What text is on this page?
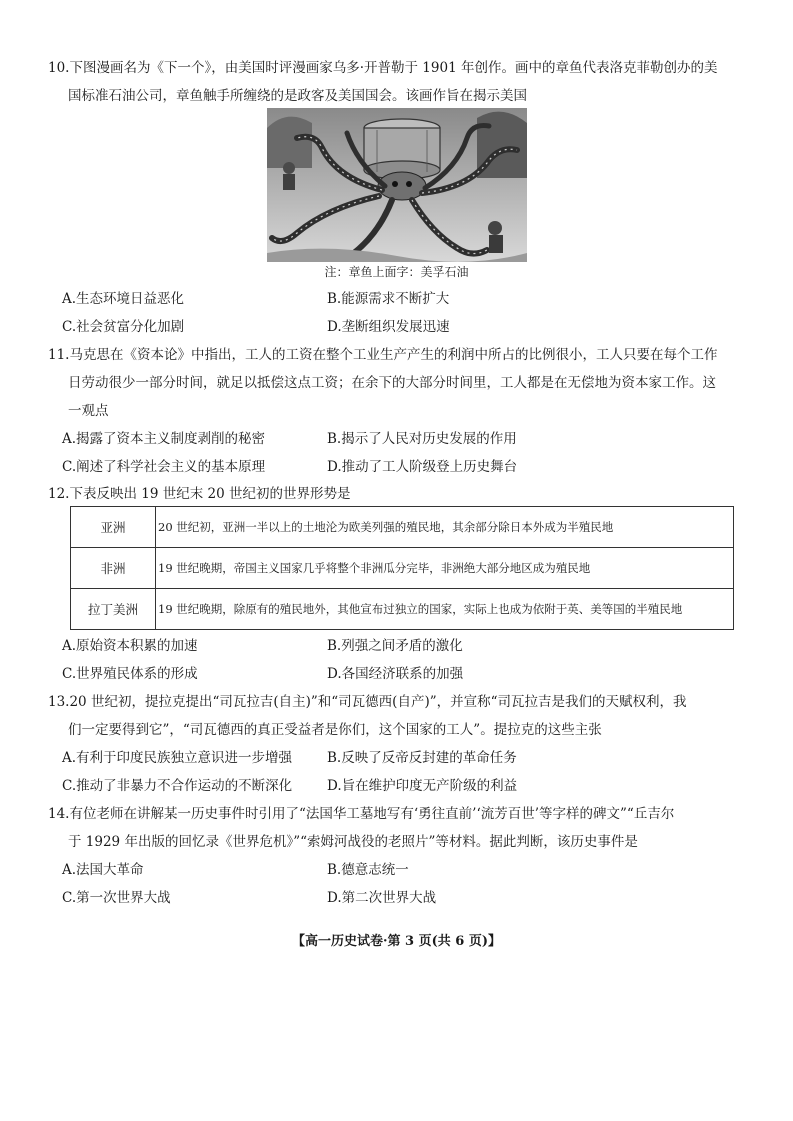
10.下图漫画名为《下一个》，由美国时评漫画家乌多·开普勒于 1901 年创作。画中的章鱼代表洛克菲勒创办的美
国标准石油公司，章鱼触手所缠绕的是政客及美国国会。该画作旨在揭示美国
注：章鱼上面字：美孚石油
A.生态环境日益恶化	B.能源需求不断扩大
C.社会贫富分化加剧	D.垄断组织发展迅速
11.马克思在《资本论》中指出，工人的工资在整个工业生产产生的利润中所占的比例很小，工人只要在每个工作
日劳动很少一部分时间，就足以抵偿这点工资；在余下的大部分时间里，工人都是在无偿地为资本家工作。这
一观点
A.揭露了资本主义制度剥削的秘密	B.揭示了人民对历史发展的作用
C.阐述了科学社会主义的基本原理	D.推动了工人阶级登上历史舞台
12.下表反映出 19 世纪末 20 世纪初的世界形势是
亚洲	20 世纪初，亚洲一半以上的土地沦为欧美列强的殖民地，其余部分除日本外成为半殖民地
非洲	19 世纪晚期，帝国主义国家几乎将整个非洲瓜分完毕，非洲绝大部分地区成为殖民地
拉丁美洲	19 世纪晚期，除原有的殖民地外，其他宣布过独立的国家，实际上也成为依附于英、美等国的半殖民地
A.原始资本积累的加速	B.列强之间矛盾的激化
C.世界殖民体系的形成	D.各国经济联系的加强
13.20 世纪初，提拉克提出“司瓦拉吉(自主)”和“司瓦德西(自产)”，并宣称“司瓦拉吉是我们的天赋权利，我
们一定要得到它”，“司瓦德西的真正受益者是你们，这个国家的工人”。提拉克的这些主张
A.有利于印度民族独立意识进一步增强	B.反映了反帝反封建的革命任务
C.推动了非暴力不合作运动的不断深化	D.旨在维护印度无产阶级的利益
14.有位老师在讲解某一历史事件时引用了“法国华工墓地写有‘勇往直前’‘流芳百世’等字样的碑文”“丘吉尔
于 1929 年出版的回忆录《世界危机》”“索姆河战役的老照片”等材料。据此判断，该历史事件是
A.法国大革命	B.德意志统一
C.第一次世界大战	D.第二次世界大战
【高一历史试卷·第 3 页(共 6 页)】
